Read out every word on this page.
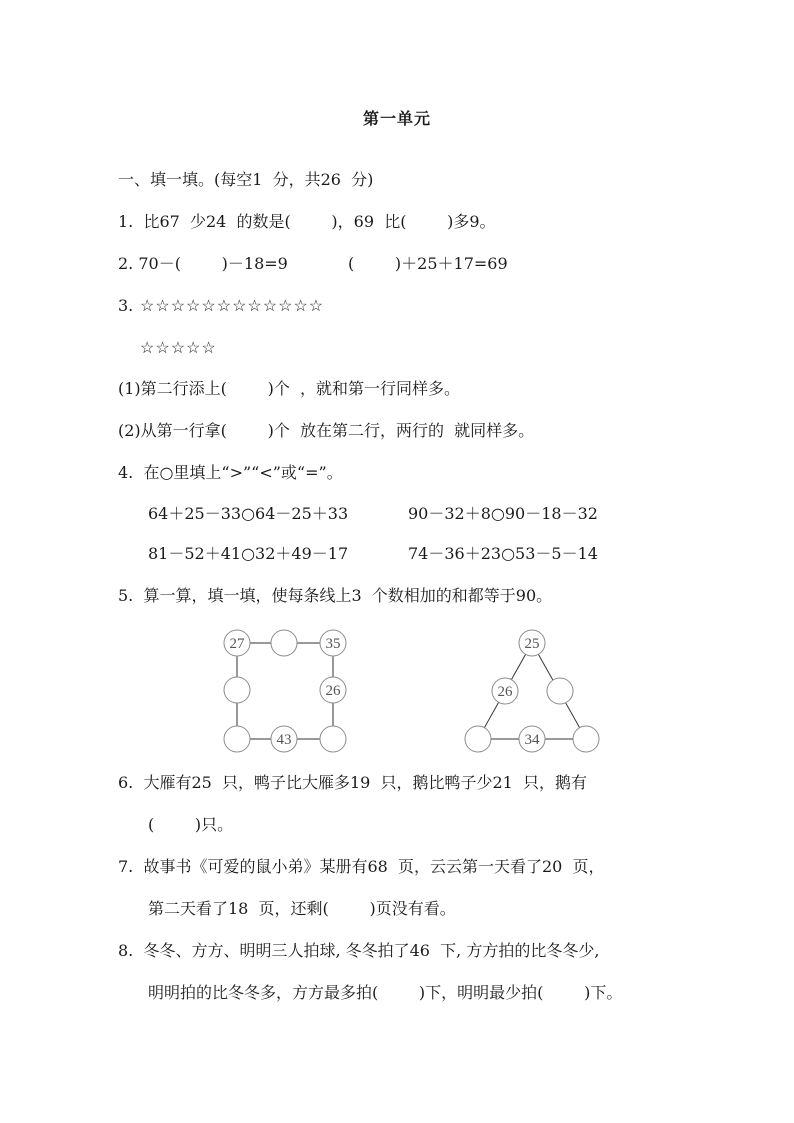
第一单元
一、填一填。(每空1  分，共26  分)
1.  比67  少24  的数是(        )，69  比(        )多9。
2. 70－(        )－18=9	(        )＋25＋17=69
3. ☆☆☆☆☆☆☆☆☆☆☆☆
☆☆☆☆☆
(1)第二行添上(        )个  ，就和第一行同样多。
(2)从第一行拿(        )个  放在第二行，两行的  就同样多。
4.  在○里填上“>”“<”或“=”。
64＋25－33○64－25＋33	90－32＋8○90－18－32
81－52＋41○32＋49－17	74－36＋23○53－5－14
5.  算一算，填一填，使每条线上3  个数相加的和都等于90。
27	35
26
43
25
26
34
6.  大雁有25  只，鸭子比大雁多19  只，鹅比鸭子少21  只，鹅有
(        )只。
7.  故事书《可爱的鼠小弟》某册有68  页，云云第一天看了20  页，
第二天看了18  页，还剩(        )页没有看。
8.  冬冬、方方、明明三人拍球, 冬冬拍了46  下, 方方拍的比冬冬少,
明明拍的比冬冬多，方方最多拍(        )下，明明最少拍(        )下。
